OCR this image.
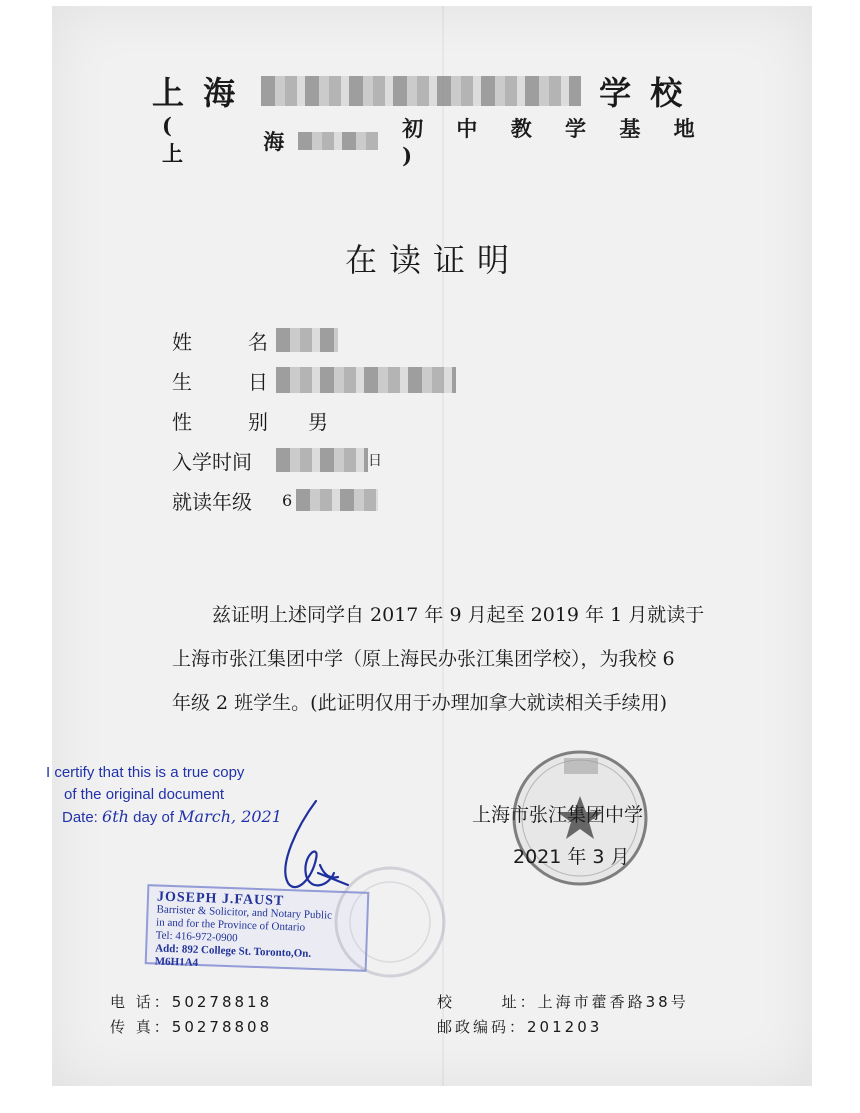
上 海	学 校
( 上	海	初 中 教 学 基 地 )
在读证明
姓	名
生	日
性	别 男
入学时间	日
就读年级	6

兹证明上述同学自 2017 年 9 月起至 2019 年 1 月就读于

上海市张江集团中学（原上海民办张江集团学校），为我校 6

年级 2 班学生。(此证明仅用于办理加拿大就读相关手续用)

I certify that this is a true copy
of the original document
Date: 6th day of March, 2021
JOSEPH J.FAUST
Barrister & Solicitor, and Notary Public
in and for the Province of Ontario
Tel: 416-972-0900
Add: 892 College St. Toronto,On. M6H1A4
上海市张江集团中学
2021 年 3 月
电 话：50278818
传 真：50278808
校      址：上海市藿香路38号
邮政编码：201203
